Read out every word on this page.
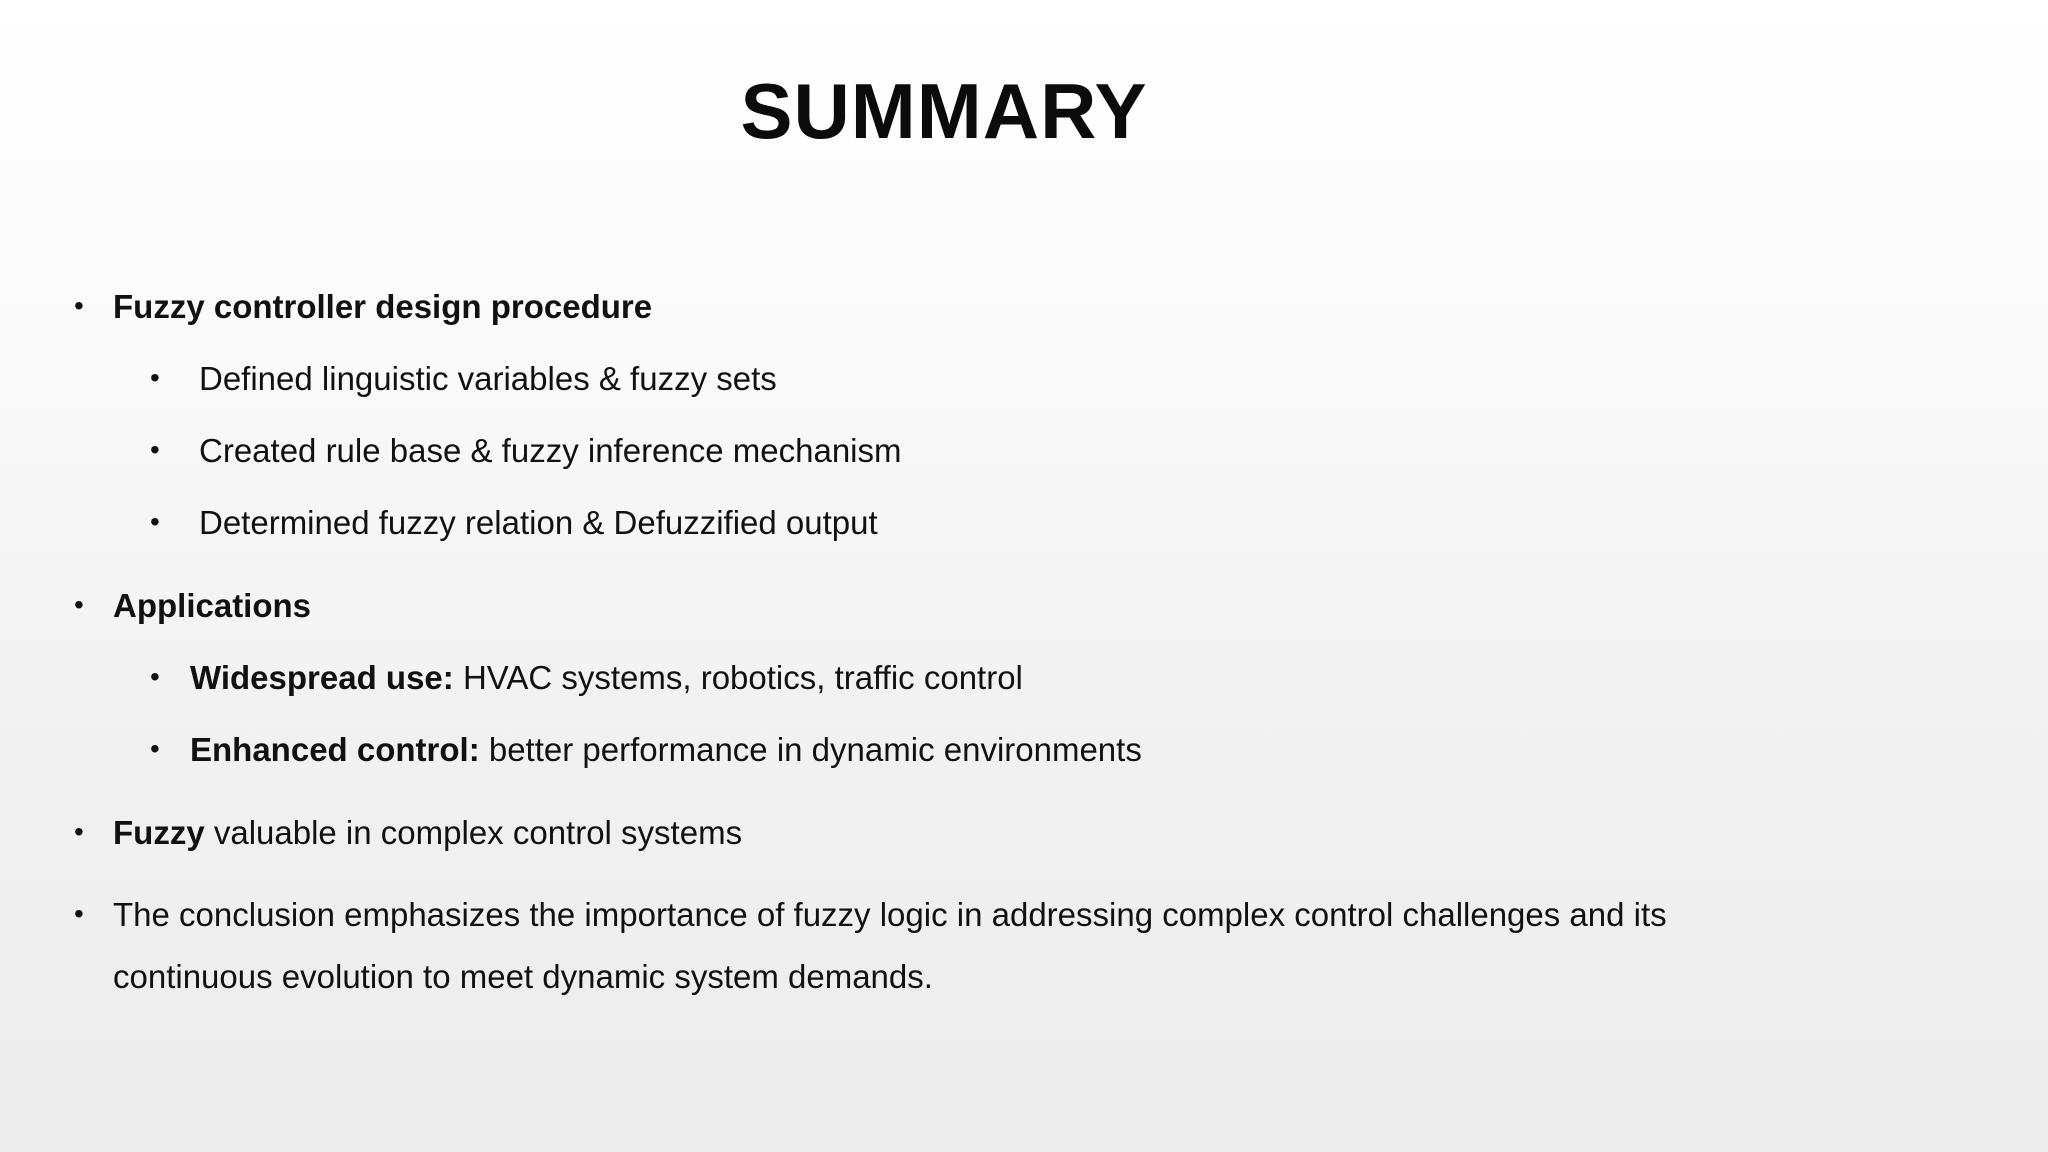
SUMMARY
• Fuzzy controller design procedure
• Defined linguistic variables & fuzzy sets
• Created rule base & fuzzy inference mechanism
• Determined fuzzy relation & Defuzzified output
• Applications
• Widespread use: HVAC systems, robotics, traffic control
• Enhanced control: better performance in dynamic environments
• Fuzzy valuable in complex control systems
• The conclusion emphasizes the importance of fuzzy logic in addressing complex control challenges and its
continuous evolution to meet dynamic system demands.
